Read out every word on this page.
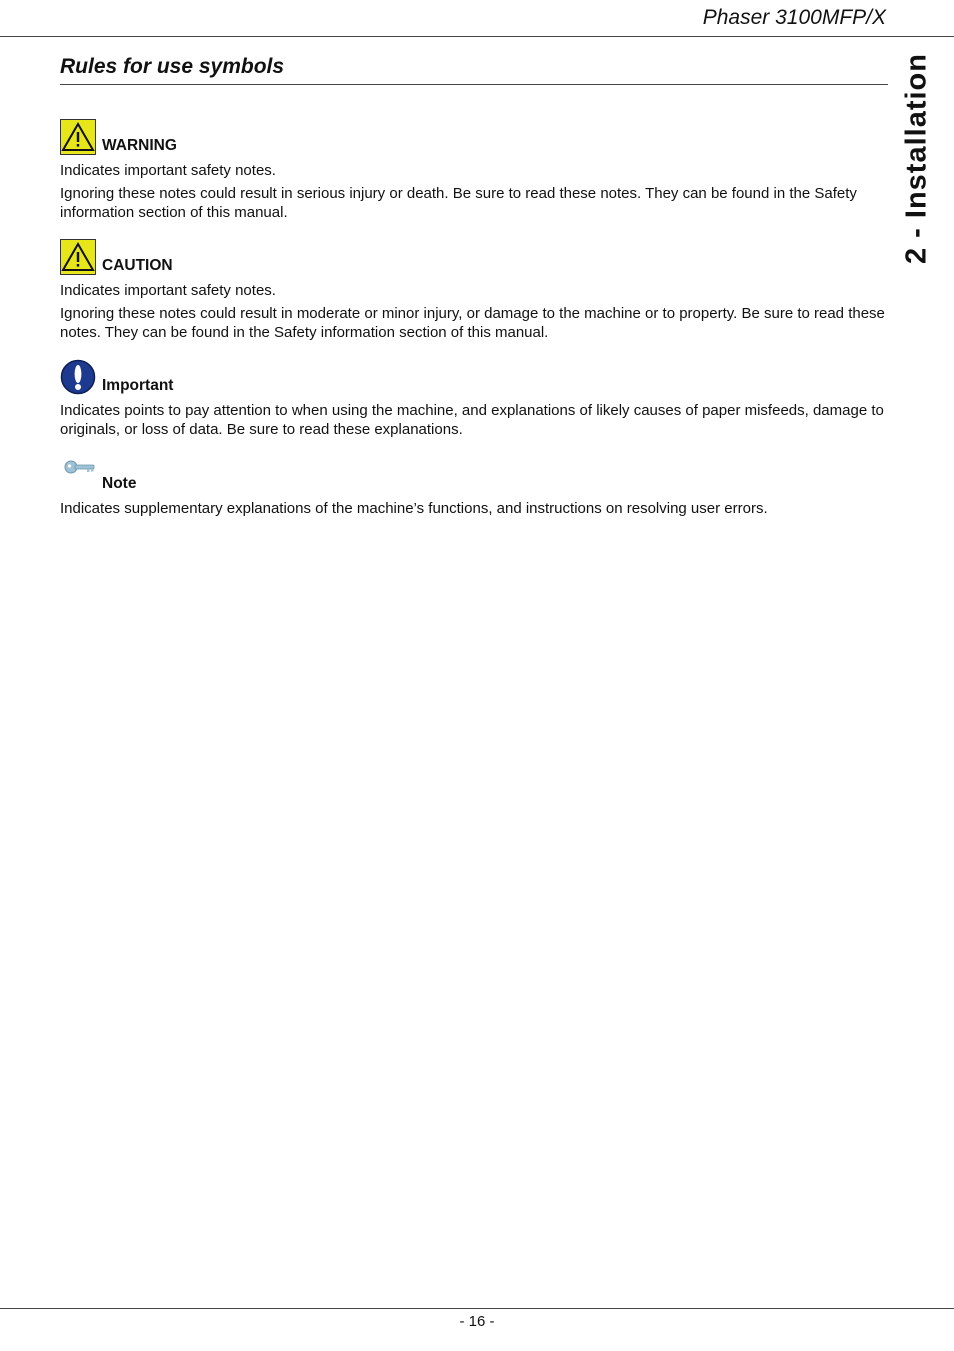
Phaser 3100MFP/X
2 - Installation
Rules for use symbols
WARNING

Indicates important safety notes.

Ignoring these notes could result in serious injury or death. Be sure to read these notes. They can be found in the Safety information section of this manual.

CAUTION

Indicates important safety notes.

Ignoring these notes could result in moderate or minor injury, or damage to the machine or to property. Be sure to read these notes. They can be found in the Safety information section of this manual.

Important

Indicates points to pay attention to when using the machine, and explanations of likely causes of paper misfeeds, damage to originals, or loss of data. Be sure to read these explanations.

Note

Indicates supplementary explanations of the machine’s functions, and instructions on resolving user errors.

- 16 -
